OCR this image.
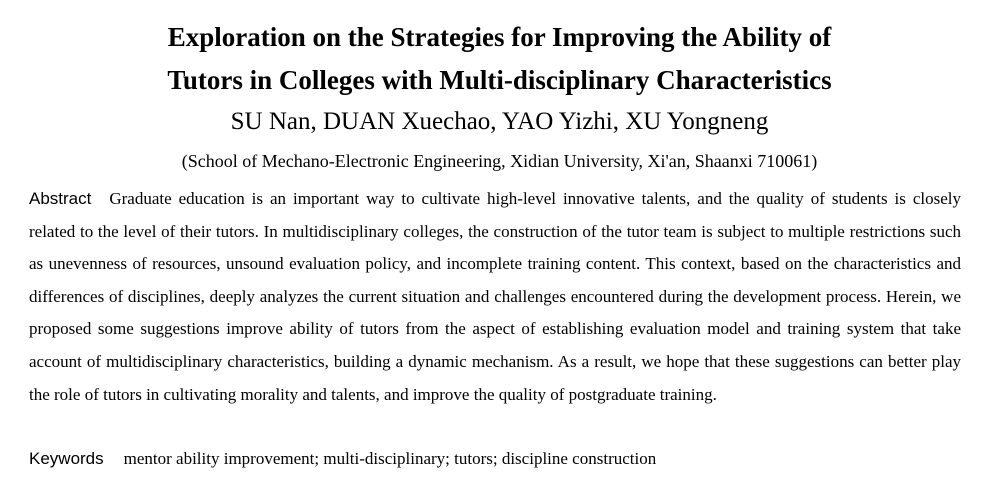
Exploration on the Strategies for Improving the Ability of
Tutors in Colleges with Multi-disciplinary Characteristics
SU Nan, DUAN Xuechao, YAO Yizhi, XU Yongneng
(School of Mechano-Electronic Engineering, Xidian University, Xi'an, Shaanxi 710061)
Abstract Graduate education is an important way to cultivate high-level innovative talents, and the quality of students is closely related to the level of their tutors. In multidisciplinary colleges, the construction of the tutor team is subject to multiple restrictions such as unevenness of resources, unsound evaluation policy, and incomplete training content. This context, based on the characteristics and differences of disciplines, deeply analyzes the current situation and challenges encountered during the development process. Herein, we proposed some suggestions improve ability of tutors from the aspect of establishing evaluation model and training system that take account of multidisciplinary characteristics, building a dynamic mechanism. As a result, we hope that these suggestions can better play the role of tutors in cultivating morality and talents, and improve the quality of postgraduate training.
Keywords mentor ability improvement; multi-disciplinary; tutors; discipline construction
